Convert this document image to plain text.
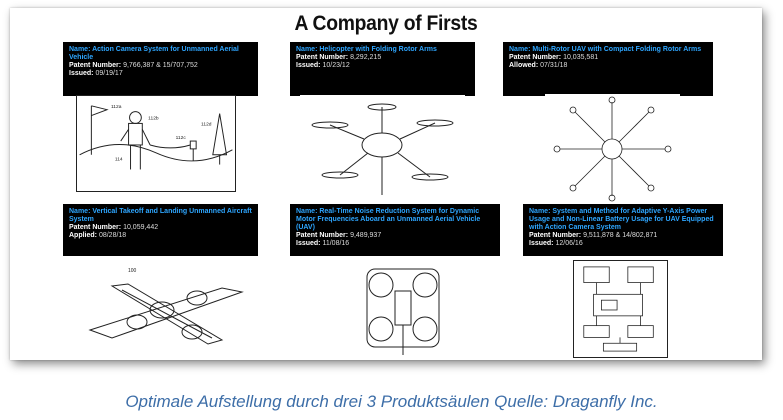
A Company of Firsts
Name: Action Camera System for Unmanned Aerial Vehicle
Patent Number: 9,766,387 & 15/707,752
Issued: 09/19/17
Name: Helicopter with Folding Rotor Arms
Patent Number: 8,292,215
Issued: 10/23/12
Name: Multi-Rotor UAV with Compact Folding Rotor Arms
Patent Number: 10,035,581
Allowed: 07/31/18
112a
112b
112c
112d
114
Name: Vertical Takeoff and Landing Unmanned Aircraft System
Patent Number: 10,059,442
Applied: 08/28/18
Name: Real-Time Noise Reduction System for Dynamic Motor Frequencies Aboard an Unmanned Aerial Vehicle (UAV)
Patent Number: 9,489,937
Issued: 11/08/16
Name: System and Method for Adaptive Y-Axis Power Usage and Non-Linear Battery Usage for UAV Equipped with Action Camera System
Patent Number: 9,511,878 & 14/802,871
Issued: 12/06/16
100
Optimale Aufstellung durch drei 3 Produktsäulen Quelle: Draganfly Inc.
